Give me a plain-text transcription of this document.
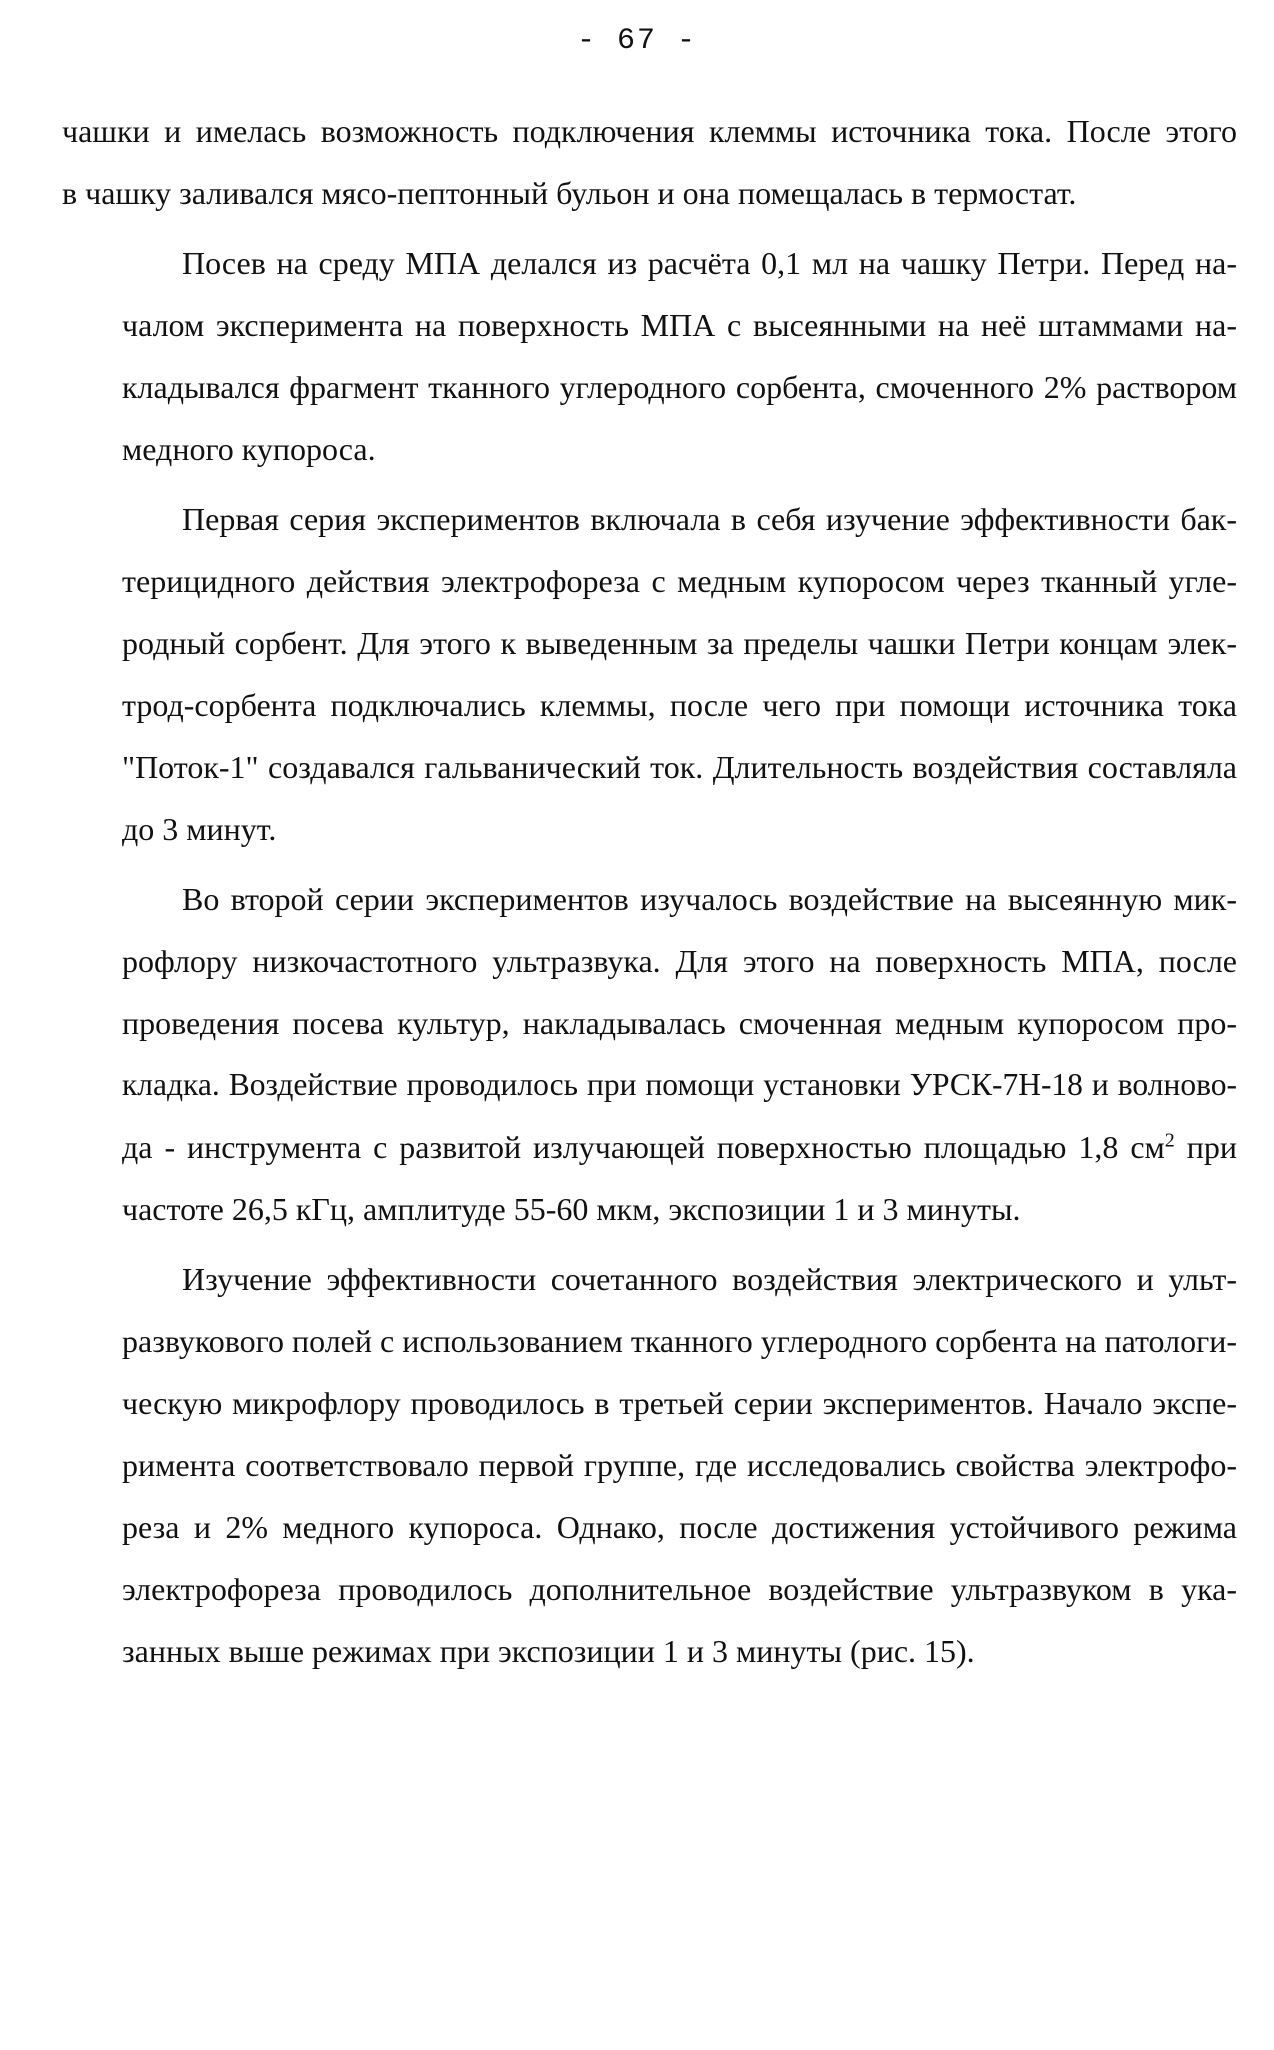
- 67 -

чашки и имелась возможность подключения клеммы источника тока. После этого
в чашку заливался мясо-пептонный бульон и она помещалась в термостат.

Посев на среду МПА делался из расчёта 0,1 мл на чашку Петри. Перед на-
чалом эксперимента на поверхность МПА с высеянными на неё штаммами на-
кладывался фрагмент тканного углеродного сорбента, смоченного 2% раствором
медного купороса.

Первая серия экспериментов включала в себя изучение эффективности бак-
терицидного действия электрофореза с медным купоросом через тканный угле-
родный сорбент. Для этого к выведенным за пределы чашки Петри концам элек-
трод-сорбента подключались клеммы, после чего при помощи источника тока
"Поток-1" создавался гальванический ток. Длительность воздействия составляла
до 3 минут.

Во второй серии экспериментов изучалось воздействие на высеянную мик-
рофлору низкочастотного ультразвука. Для этого на поверхность МПА, после
проведения посева культур, накладывалась смоченная медным купоросом про-
кладка. Воздействие проводилось при помощи установки УРСК-7Н-18 и волново-
да - инструмента с развитой излучающей поверхностью площадью 1,8 $см^2$ при
частоте 26,5 кГц, амплитуде 55-60 мкм, экспозиции 1 и 3 минуты.

Изучение эффективности сочетанного воздействия электрического и ульт-
развукового полей с использованием тканного углеродного сорбента на патологи-
ческую микрофлору проводилось в третьей серии экспериментов. Начало экспе-
римента соответствовало первой группе, где исследовались свойства электрофо-
реза и 2% медного купороса. Однако, после достижения устойчивого режима
электрофореза проводилось дополнительное воздействие ультразвуком в ука-
занных выше режимах при экспозиции 1 и 3 минуты (рис. 15).
